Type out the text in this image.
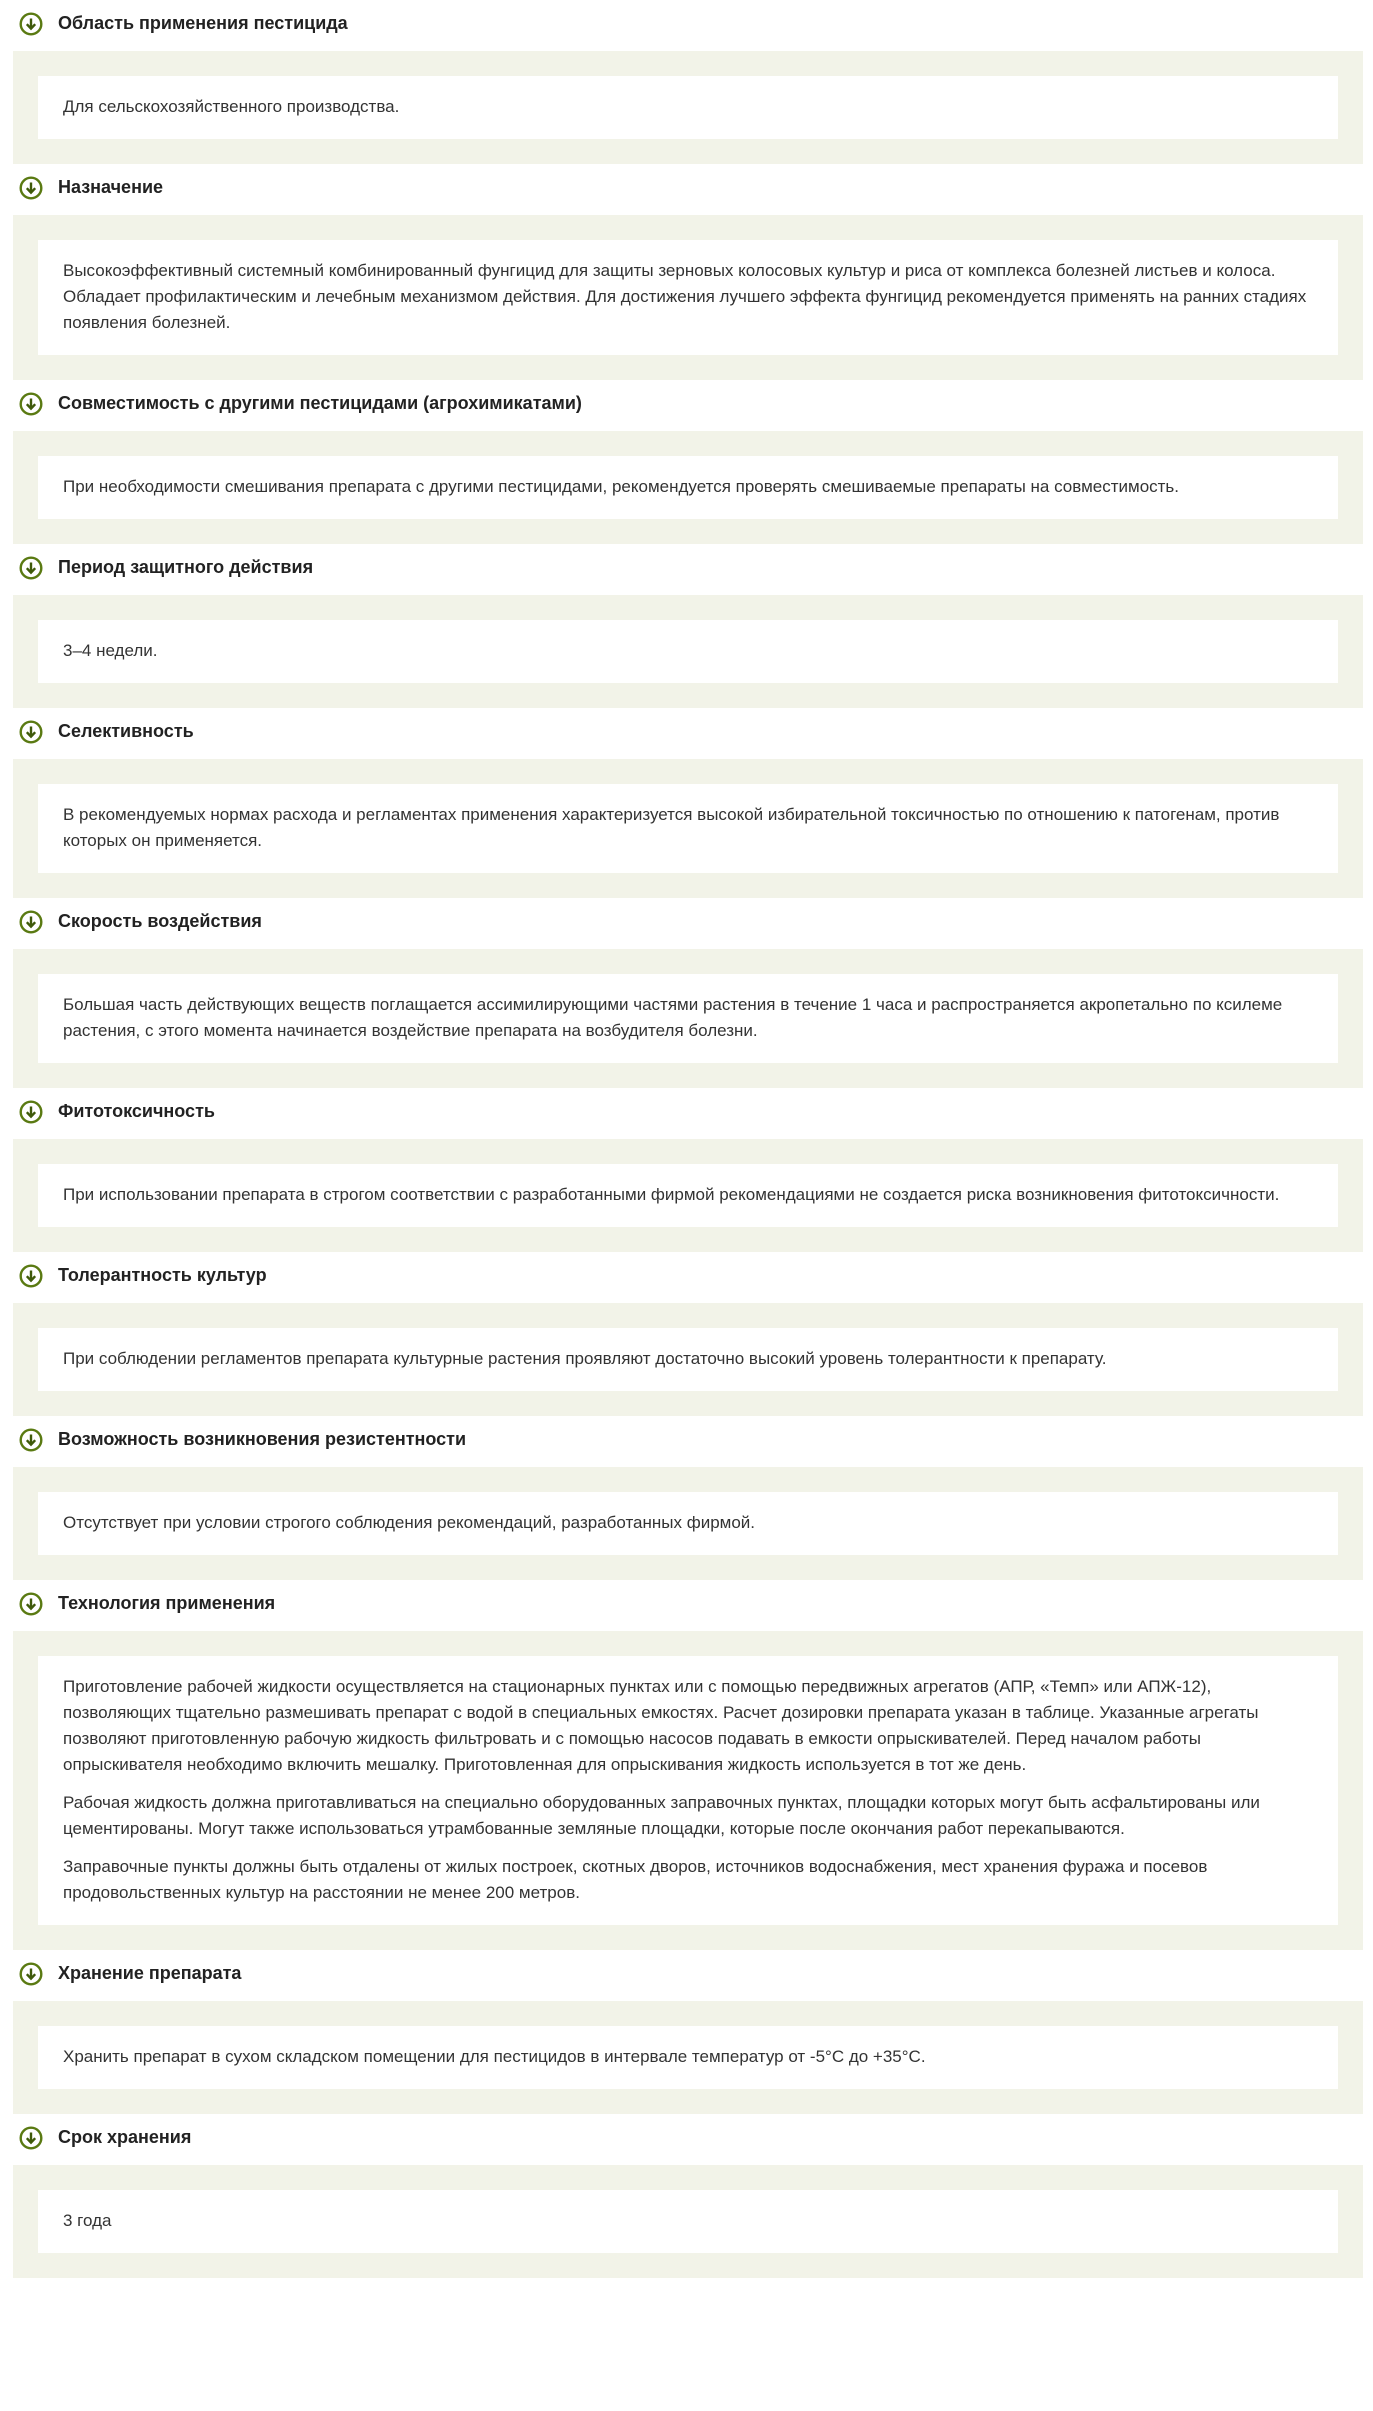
Область применения пестицида

Для сельскохозяйственного производства.

Назначение

Высокоэффективный системный комбинированный фунгицид для защиты зерновых колосовых культур и риса от комплекса болезней листьев и колоса. Обладает профилактическим и лечебным механизмом действия. Для достижения лучшего эффекта фунгицид рекомендуется применять на ранних стадиях появления болезней.

Совместимость с другими пестицидами (агрохимикатами)

При необходимости смешивания препарата с другими пестицидами, рекомендуется проверять смешиваемые препараты на совместимость.

Период защитного действия

3–4 недели.

Селективность

В рекомендуемых нормах расхода и регламентах применения характеризуется высокой избирательной токсичностью по отношению к патогенам, против которых он применяется.

Скорость воздействия

Большая часть действующих веществ поглащается ассимилирующими частями растения в течение 1 часа и распространяется акропетально по ксилеме растения, с этого момента начинается воздействие препарата на возбудителя болезни.

Фитотоксичность

При использовании препарата в строгом соответствии с разработанными фирмой рекомендациями не создается риска возникновения фитотоксичности.

Толерантность культур

При соблюдении регламентов препарата культурные растения проявляют достаточно высокий уровень толерантности к препарату.

Возможность возникновения резистентности

Отсутствует при условии строгого соблюдения рекомендаций, разработанных фирмой.

Технология применения

Приготовление рабочей жидкости осуществляется на стационарных пунктах или с помощью передвижных агрегатов (АПР, «Темп» или АПЖ-12), позволяющих тщательно размешивать препарат с водой в специальных емкостях. Расчет дозировки препарата указан в таблице. Указанные агрегаты позволяют приготовленную рабочую жидкость фильтровать и с помощью насосов подавать в емкости опрыскивателей. Перед началом работы опрыскивателя необходимо включить мешалку. Приготовленная для опрыскивания жидкость используется в тот же день.

Рабочая жидкость должна приготавливаться на специально оборудованных заправочных пунктах, площадки которых могут быть асфальтированы или цементированы. Могут также использоваться утрамбованные земляные площадки, которые после окончания работ перекапываются.

Заправочные пункты должны быть отдалены от жилых построек, скотных дворов, источников водоснабжения, мест хранения фуража и посевов продовольственных культур на расстоянии не менее 200 метров.

Хранение препарата

Хранить препарат в сухом складском помещении для пестицидов в интервале температур от -5°C до +35°C.

Срок хранения

3 года
